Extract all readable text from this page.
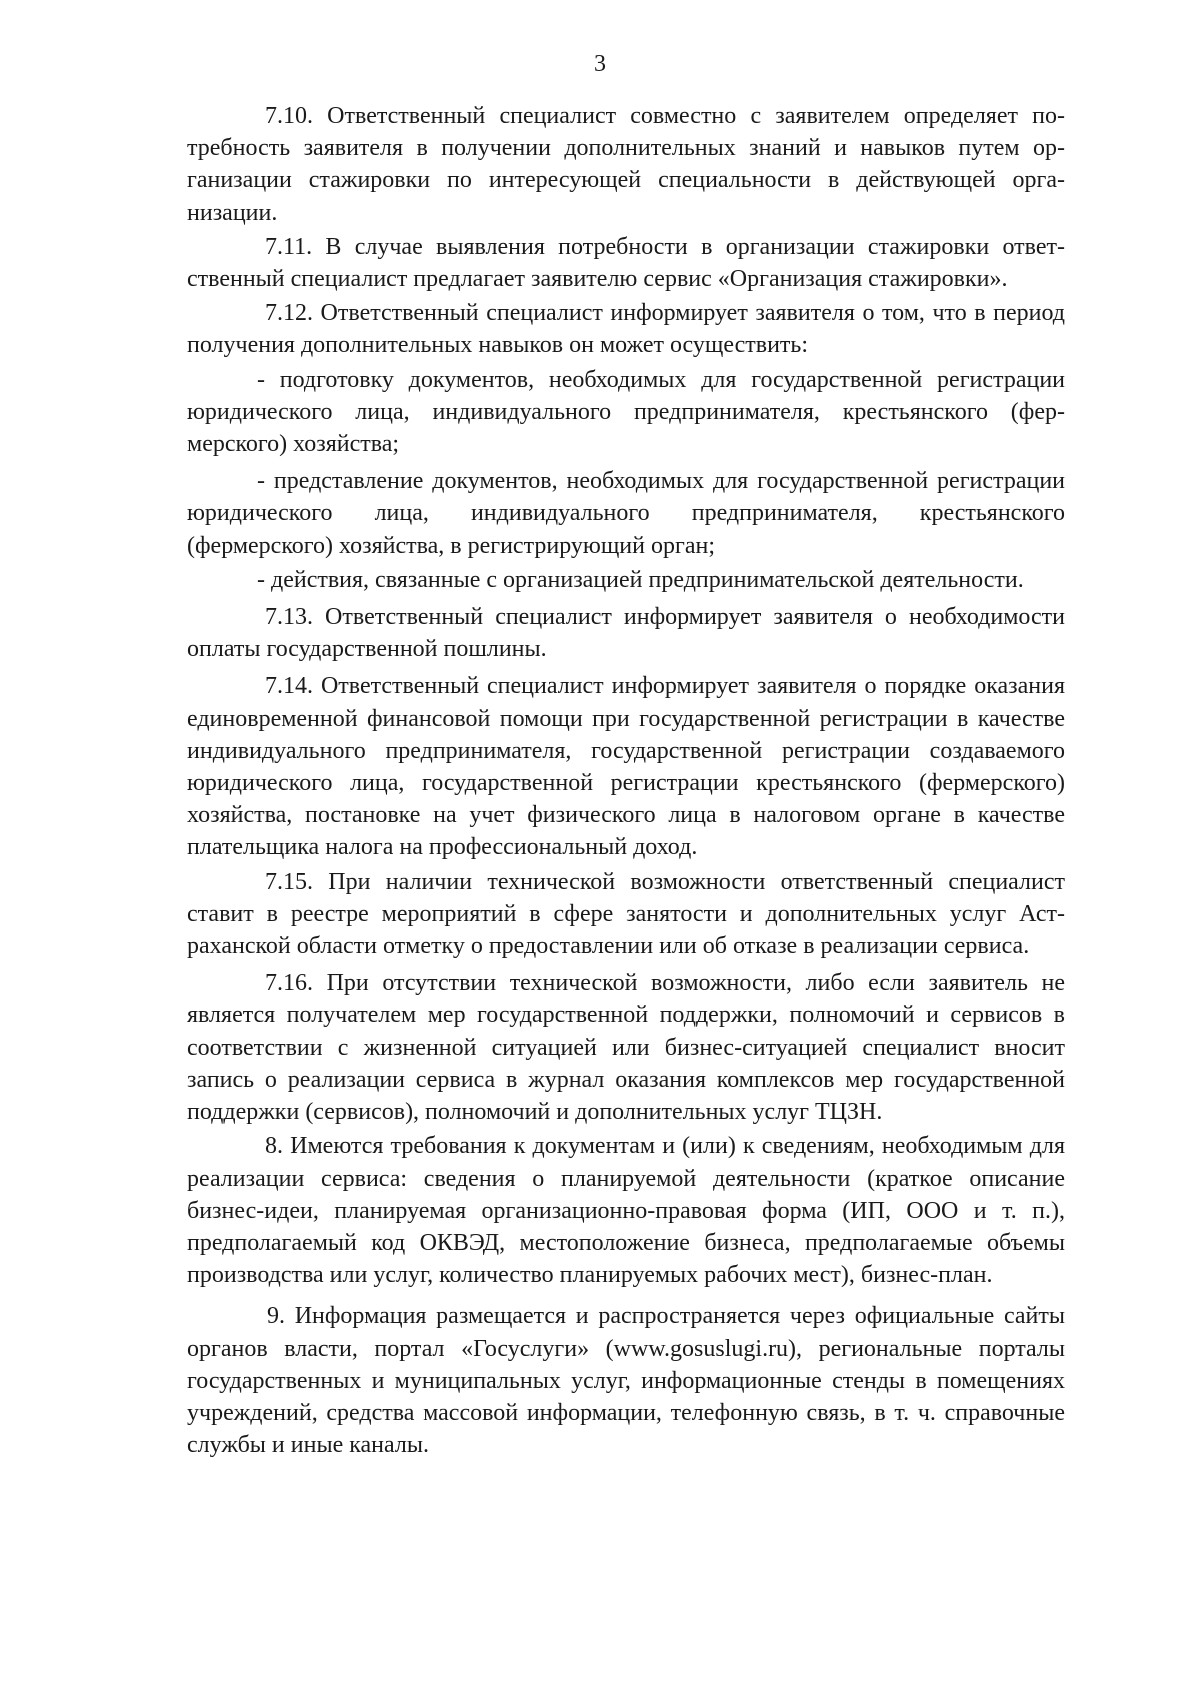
3

7.10. Ответственный специалист совместно с заявителем определяет потребность заявителя в получении дополнительных знаний и навыков путем организации стажировки по интересующей специальности в действующей организации.

7.11. В случае выявления потребности в организации стажировки ответственный специалист предлагает заявителю сервис «Организация стажировки».

7.12. Ответственный специалист информирует заявителя о том, что в период получения дополнительных навыков он может осуществить:

- подготовку документов, необходимых для государственной регистрации юридического лица, индивидуального предпринимателя, крестьянского (фермерского) хозяйства;

- представление документов, необходимых для государственной регистрации юридического лица, индивидуального предпринимателя, крестьянского (фермерского) хозяйства, в регистрирующий орган;

- действия, связанные с организацией предпринимательской деятельности.

7.13. Ответственный специалист информирует заявителя о необходимости оплаты государственной пошлины.

7.14. Ответственный специалист информирует заявителя о порядке оказания единовременной финансовой помощи при государственной регистрации в качестве индивидуального предпринимателя, государственной регистрации создаваемого юридического лица, государственной регистрации крестьянского (фермерского) хозяйства, постановке на учет физического лица в налоговом органе в качестве плательщика налога на профессиональный доход.

7.15. При наличии технической возможности ответственный специалист ставит в реестре мероприятий в сфере занятости и дополнительных услуг Астраханской области отметку о предоставлении или об отказе в реализации сервиса.

7.16. При отсутствии технической возможности, либо если заявитель не является получателем мер государственной поддержки, полномочий и сервисов в соответствии с жизненной ситуацией или бизнес-ситуацией специалист вносит запись о реализации сервиса в журнал оказания комплексов мер государственной поддержки (сервисов), полномочий и дополнительных услуг ТЦЗН.

8. Имеются требования к документам и (или) к сведениям, необходимым для реализации сервиса: сведения о планируемой деятельности (краткое описание бизнес-идеи, планируемая организационно-правовая форма (ИП, ООО и т. п.), предполагаемый код ОКВЭД, местоположение бизнеса, предполагаемые объемы производства или услуг, количество планируемых рабочих мест), бизнес-план.

9. Информация размещается и распространяется через официальные сайты органов власти, портал «Госуслуги» (www.gosuslugi.ru), региональные порталы государственных и муниципальных услуг, информационные стенды в помещениях учреждений, средства массовой информации, телефонную связь, в т. ч. справочные службы и иные каналы.
